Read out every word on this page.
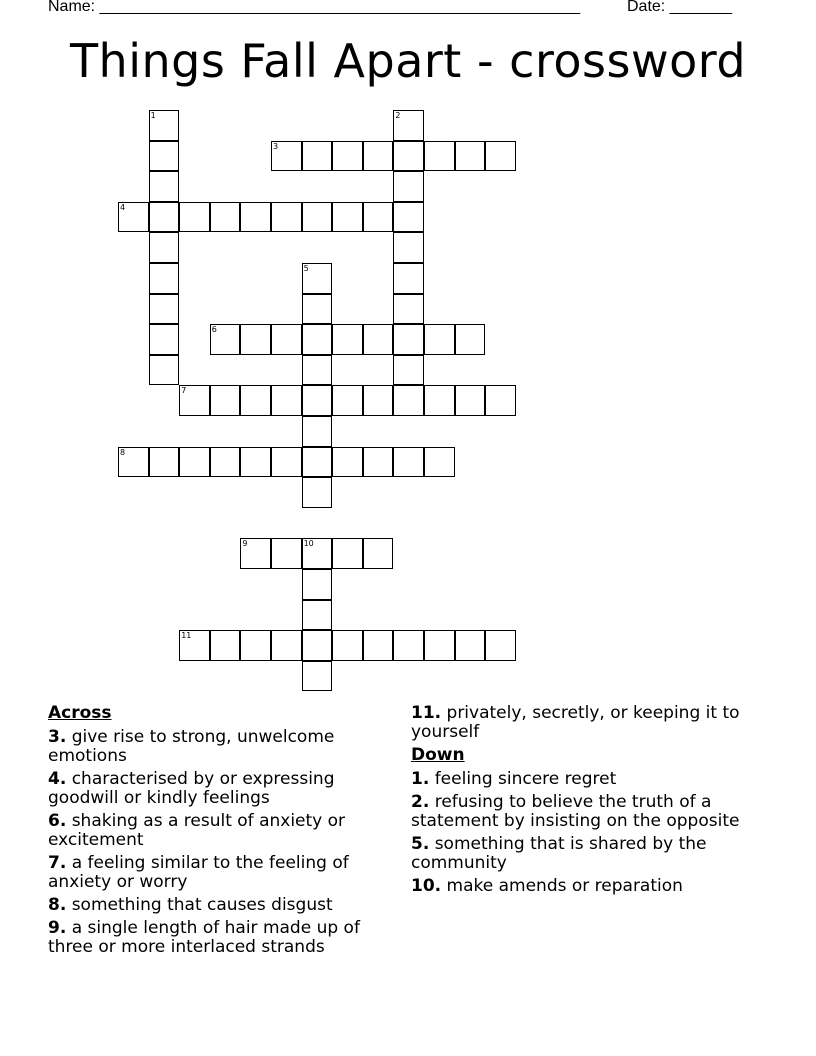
Name: ______________________________________________________	Date: _______
Things Fall Apart - crossword
1	2
3
4
5
6
7
8
9	10
11
Across
3. give rise to strong, unwelcome emotions
4. characterised by or expressing goodwill or kindly feelings
6. shaking as a result of anxiety or excitement
7. a feeling similar to the feeling of anxiety or worry
8. something that causes disgust
9. a single length of hair made up of three or more interlaced strands
11. privately, secretly, or keeping it to yourself
Down
1. feeling sincere regret
2. refusing to believe the truth of a statement by insisting on the opposite
5. something that is shared by the community
10. make amends or reparation
